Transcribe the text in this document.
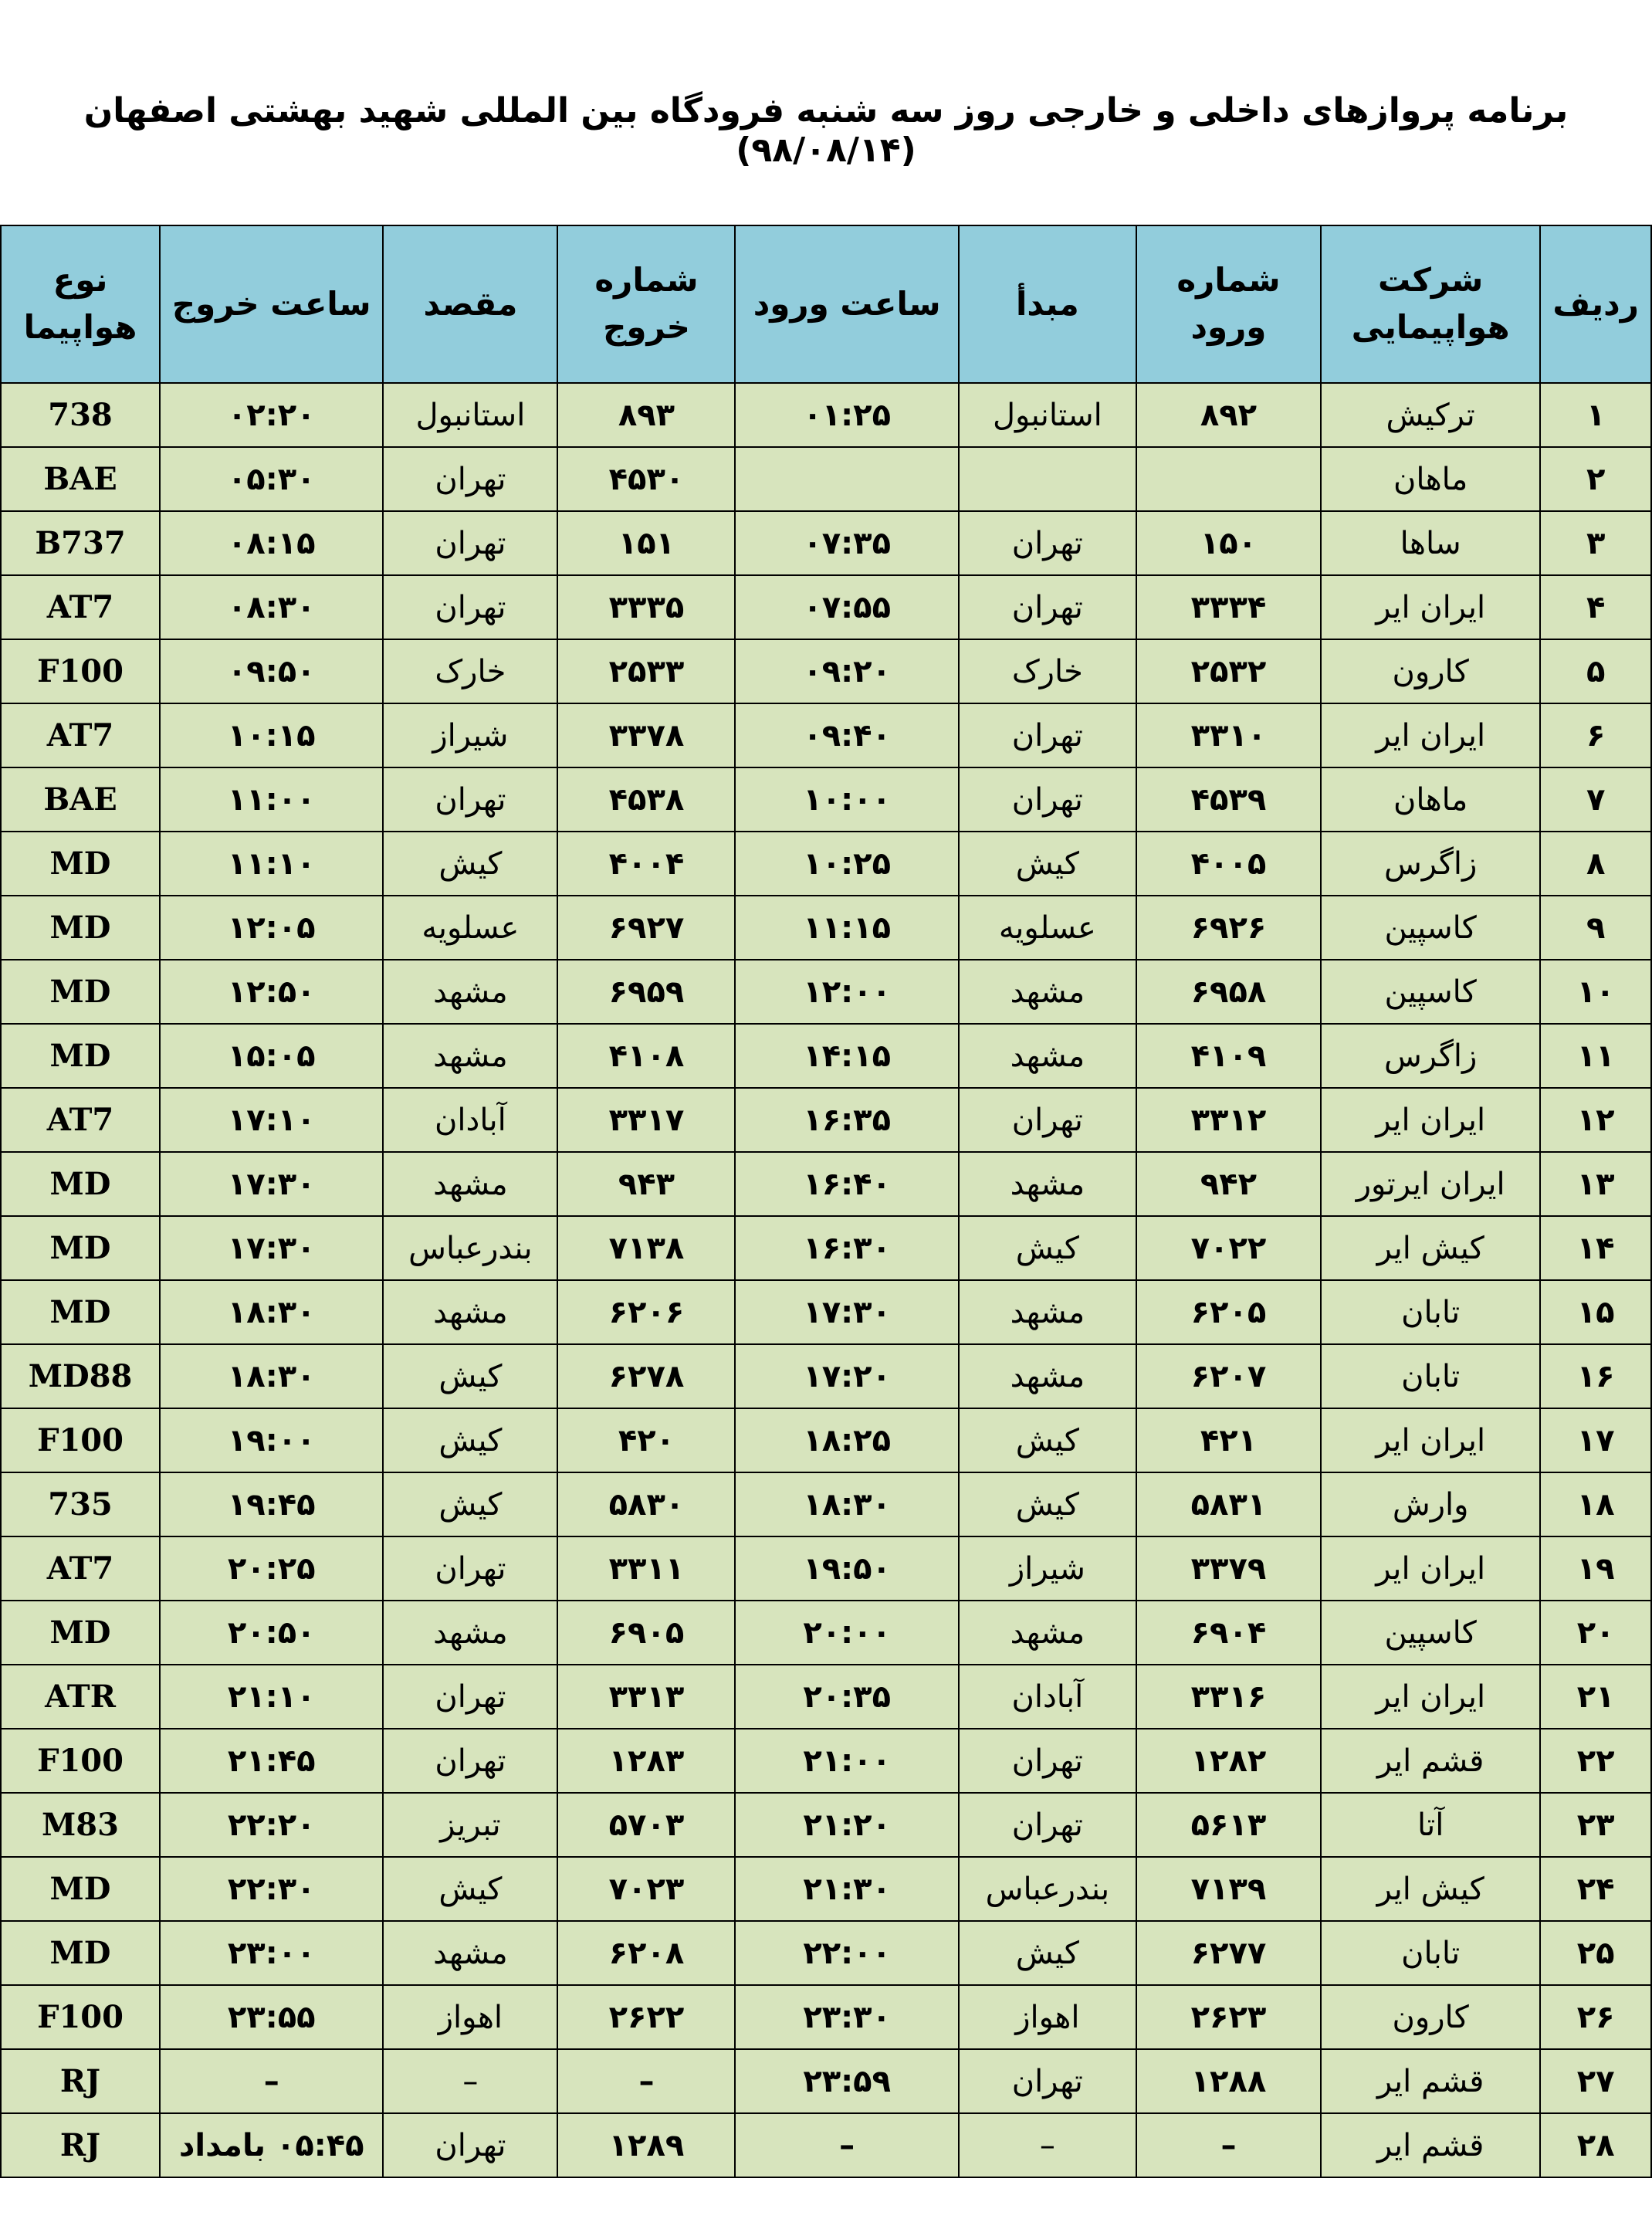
برنامه پروازهای داخلی و خارجی روز سه شنبه فرودگاه بین المللی شهید بهشتی اصفهان (۹۸/۰۸/۱۴)
ردیف	شرکت هواپیمایی	شماره ورود	مبدأ	ساعت ورود	شماره خروج	مقصد	ساعت خروج	نوع هواپیما
۱	ترکیش	۸۹۲	استانبول	۰۱:۲۵	۸۹۳	استانبول	۰۲:۲۰	738
۲	ماهان				۴۵۳۰	تهران	۰۵:۳۰	BAE
۳	ساها	۱۵۰	تهران	۰۷:۳۵	۱۵۱	تهران	۰۸:۱۵	B737
۴	ایران ایر	۳۳۳۴	تهران	۰۷:۵۵	۳۳۳۵	تهران	۰۸:۳۰	AT7
۵	کارون	۲۵۳۲	خارک	۰۹:۲۰	۲۵۳۳	خارک	۰۹:۵۰	F100
۶	ایران ایر	۳۳۱۰	تهران	۰۹:۴۰	۳۳۷۸	شیراز	۱۰:۱۵	AT7
۷	ماهان	۴۵۳۹	تهران	۱۰:۰۰	۴۵۳۸	تهران	۱۱:۰۰	BAE
۸	زاگرس	۴۰۰۵	کیش	۱۰:۲۵	۴۰۰۴	کیش	۱۱:۱۰	MD
۹	کاسپین	۶۹۲۶	عسلویه	۱۱:۱۵	۶۹۲۷	عسلویه	۱۲:۰۵	MD
۱۰	کاسپین	۶۹۵۸	مشهد	۱۲:۰۰	۶۹۵۹	مشهد	۱۲:۵۰	MD
۱۱	زاگرس	۴۱۰۹	مشهد	۱۴:۱۵	۴۱۰۸	مشهد	۱۵:۰۵	MD
۱۲	ایران ایر	۳۳۱۲	تهران	۱۶:۳۵	۳۳۱۷	آبادان	۱۷:۱۰	AT7
۱۳	ایران ایرتور	۹۴۲	مشهد	۱۶:۴۰	۹۴۳	مشهد	۱۷:۳۰	MD
۱۴	کیش ایر	۷۰۲۲	کیش	۱۶:۳۰	۷۱۳۸	بندرعباس	۱۷:۳۰	MD
۱۵	تابان	۶۲۰۵	مشهد	۱۷:۳۰	۶۲۰۶	مشهد	۱۸:۳۰	MD
۱۶	تابان	۶۲۰۷	مشهد	۱۷:۲۰	۶۲۷۸	کیش	۱۸:۳۰	MD88
۱۷	ایران ایر	۴۲۱	کیش	۱۸:۲۵	۴۲۰	کیش	۱۹:۰۰	F100
۱۸	وارش	۵۸۳۱	کیش	۱۸:۳۰	۵۸۳۰	کیش	۱۹:۴۵	735
۱۹	ایران ایر	۳۳۷۹	شیراز	۱۹:۵۰	۳۳۱۱	تهران	۲۰:۲۵	AT7
۲۰	کاسپین	۶۹۰۴	مشهد	۲۰:۰۰	۶۹۰۵	مشهد	۲۰:۵۰	MD
۲۱	ایران ایر	۳۳۱۶	آبادان	۲۰:۳۵	۳۳۱۳	تهران	۲۱:۱۰	ATR
۲۲	قشم ایر	۱۲۸۲	تهران	۲۱:۰۰	۱۲۸۳	تهران	۲۱:۴۵	F100
۲۳	آتا	۵۶۱۳	تهران	۲۱:۲۰	۵۷۰۳	تبریز	۲۲:۲۰	M83
۲۴	کیش ایر	۷۱۳۹	بندرعباس	۲۱:۳۰	۷۰۲۳	کیش	۲۲:۳۰	MD
۲۵	تابان	۶۲۷۷	کیش	۲۲:۰۰	۶۲۰۸	مشهد	۲۳:۰۰	MD
۲۶	کارون	۲۶۲۳	اهواز	۲۳:۳۰	۲۶۲۲	اهواز	۲۳:۵۵	F100
۲۷	قشم ایر	۱۲۸۸	تهران	۲۳:۵۹	–	–	–	RJ
۲۸	قشم ایر	–	–	–	۱۲۸۹	تهران	۰۵:۴۵ بامداد	RJ
